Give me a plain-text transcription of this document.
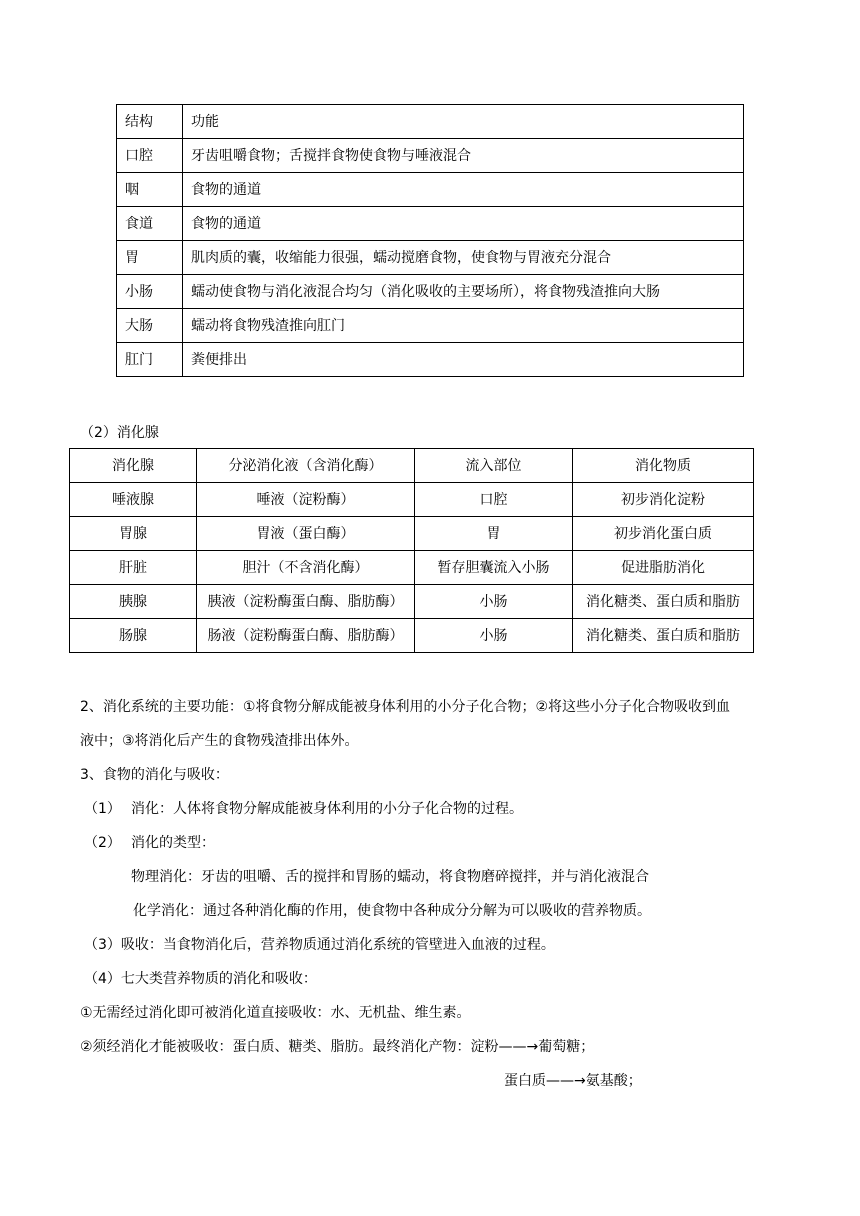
结构	功能
口腔	牙齿咀嚼食物；舌搅拌食物使食物与唾液混合
咽	食物的通道
食道	食物的通道
胃	肌肉质的囊，收缩能力很强，蠕动搅磨食物，使食物与胃液充分混合
小肠	蠕动使食物与消化液混合均匀（消化吸收的主要场所），将食物残渣推向大肠
大肠	蠕动将食物残渣推向肛门
肛门	粪便排出
（2）消化腺
消化腺	分泌消化液（含消化酶）	流入部位	消化物质
唾液腺	唾液（淀粉酶）	口腔	初步消化淀粉
胃腺	胃液（蛋白酶）	胃	初步消化蛋白质
肝脏	胆汁（不含消化酶）	暂存胆囊流入小肠	促进脂肪消化
胰腺	胰液（淀粉酶蛋白酶、脂肪酶）	小肠	消化糖类、蛋白质和脂肪
肠腺	肠液（淀粉酶蛋白酶、脂肪酶）	小肠	消化糖类、蛋白质和脂肪
2、消化系统的主要功能：①将食物分解成能被身体利用的小分子化合物；②将这些小分子化合物吸收到血
液中；③将消化后产生的食物残渣排出体外。
3、食物的消化与吸收：
（1） 消化：人体将食物分解成能被身体利用的小分子化合物的过程。
（2） 消化的类型：
物理消化：牙齿的咀嚼、舌的搅拌和胃肠的蠕动，将食物磨碎搅拌，并与消化液混合
化学消化：通过各种消化酶的作用，使食物中各种成分分解为可以吸收的营养物质。
（3）吸收：当食物消化后，营养物质通过消化系统的管壁进入血液的过程。
（4）七大类营养物质的消化和吸收：
①无需经过消化即可被消化道直接吸收：水、无机盐、维生素。
②须经消化才能被吸收：蛋白质、糖类、脂肪。最终消化产物：淀粉——→葡萄糖；
蛋白质——→氨基酸；
